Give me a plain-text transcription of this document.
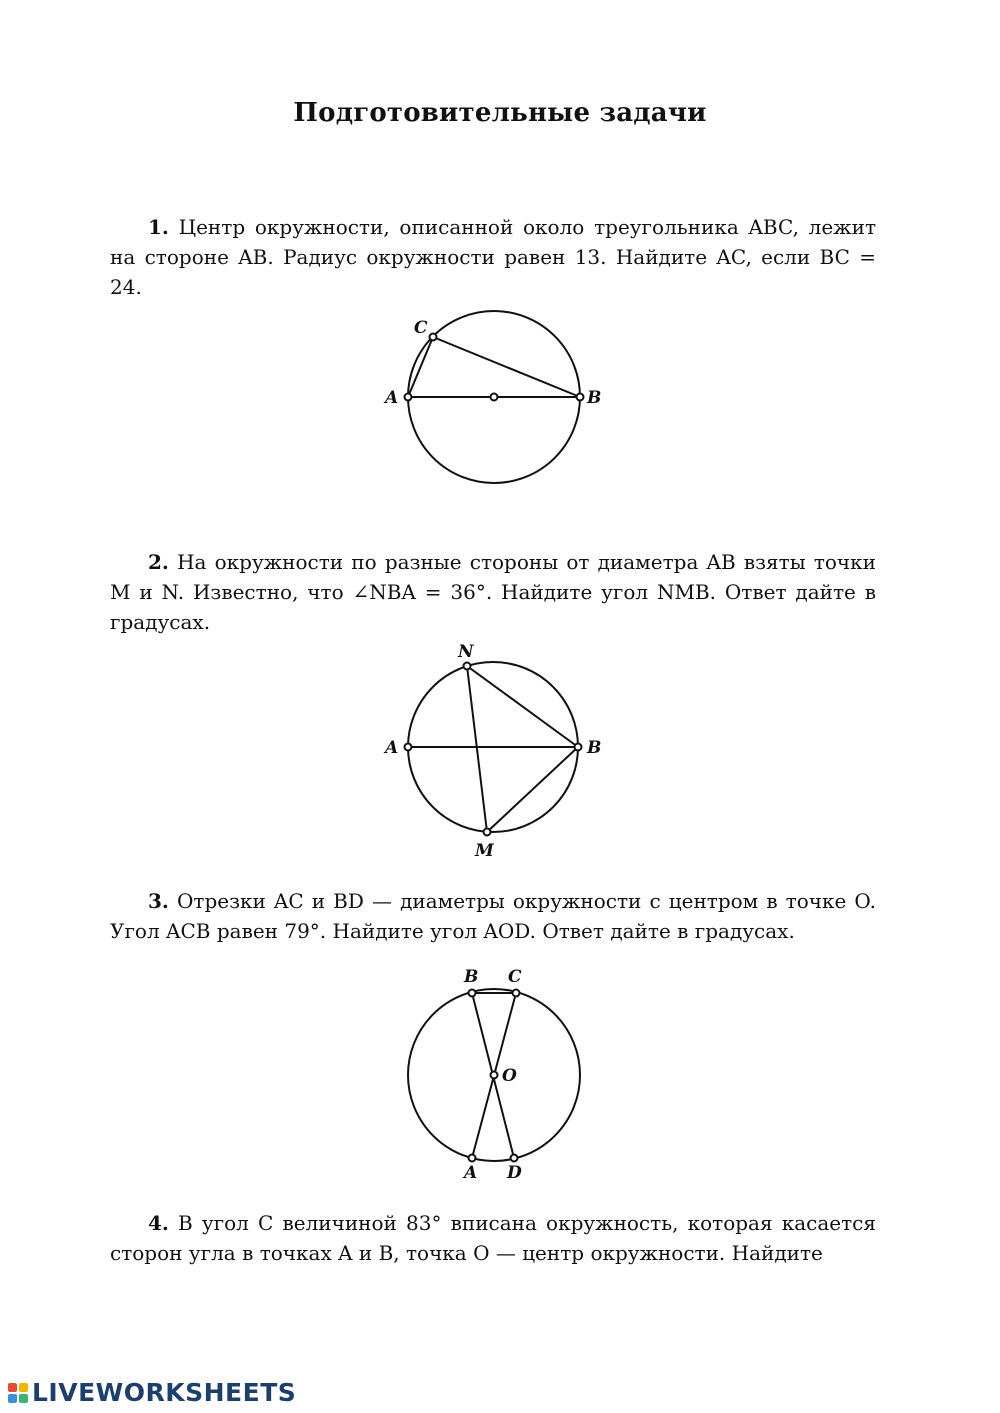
Подготовительные задачи
1. Центр окружности, описанной около треугольника ABC, лежит на стороне AB. Радиус окружности равен 13. Найдите AC, если BC = 24.
2. На окружности по разные стороны от диаметра AB взяты точки M и N. Известно, что ∠NBA = 36°. Найдите угол NMB. Ответ дайте в градусах.
3. Отрезки AC и BD — диаметры окружности с центром в точке O. Угол ACB равен 79°. Найдите угол AOD. Ответ дайте в градусах.
4. В угол C величиной 83° вписана окружность, которая касается сторон угла в точках A и B, точка O — центр окружности. Найдите
C
A	B
N
A	B
M
B C
O
A D
LIVEWORKSHEETS
